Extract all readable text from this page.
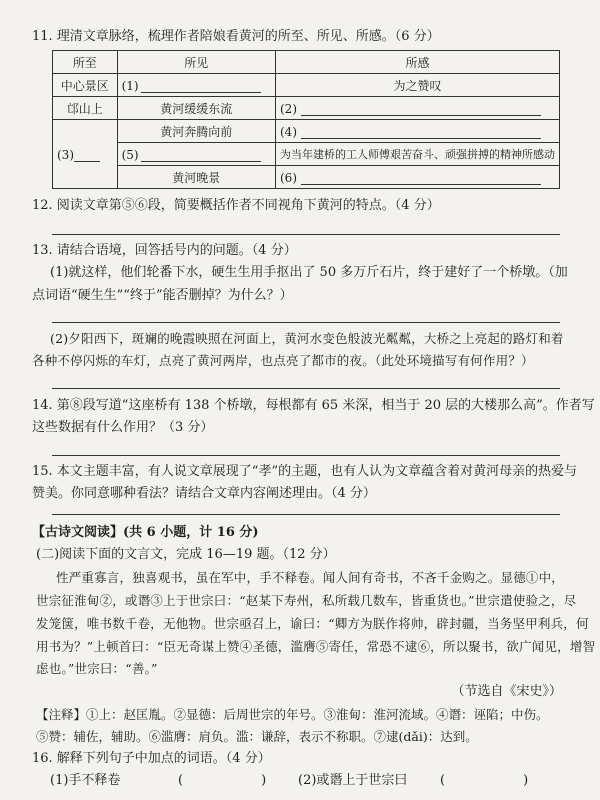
11. 理清文章脉络，梳理作者陪娘看黄河的所至、所见、所感。（6 分）
所至	所见	所感
中心景区	(1)	为之赞叹
邙山上	黄河缓缓东流	(2)
(3)	黄河奔腾向前	(4)
	(5)	为当年建桥的工人师傅艰苦奋斗、顽强拼搏的精神所感动
	黄河晚景	(6)
12. 阅读文章第⑤⑥段，简要概括作者不同视角下黄河的特点。（4 分）
13. 请结合语境，回答括号内的问题。（4 分）
(1)就这样，他们轮番下水，硬生生用手抠出了 50 多万斤石片，终于建好了一个桥墩。（加
点词语“硬生生”“终于”能否删掉？为什么？）
(2)夕阳西下，斑斓的晚霞映照在河面上，黄河水变色般波光粼粼，大桥之上亮起的路灯和着
各种不停闪烁的车灯，点亮了黄河两岸，也点亮了都市的夜。（此处环境描写有何作用？）
14. 第⑧段写道“这座桥有 138 个桥墩，每根都有 65 米深，相当于 20 层的大楼那么高”。作者写
这些数据有什么作用？（3 分）
15. 本文主题丰富，有人说文章展现了“孝”的主题，也有人认为文章蕴含着对黄河母亲的热爱与
赞美。你同意哪种看法？请结合文章内容阐述理由。（4 分）
【古诗文阅读】(共 6 小题，计 16 分)
(二)阅读下面的文言文，完成 16—19 题。（12 分）
性严重寡言，独喜观书，虽在军中，手不释卷。闻人间有奇书，不吝千金购之。显德①中，
世宗征淮甸②，或谮③上于世宗曰：“赵某下寿州，私所载几数车，皆重货也。”世宗遣使验之，尽
发笼箧，唯书数千卷，无他物。世宗亟召上，谕曰：“卿方为朕作将帅，辟封疆，当务坚甲利兵，何
用书为？”上顿首曰：“臣无奇谋上赞④圣德，滥膺⑤寄任，常恐不逮⑥，所以聚书，欲广闻见，增智
虑也。”世宗曰：“善。”
（节选自《宋史》）
【注释】①上：赵匡胤。②显德：后周世宗的年号。③淮甸：淮河流域。④谮：诬陷；中伤。
⑤赞：辅佐，辅助。⑥滥膺：肩负。滥：谦辞，表示不称职。⑦逮(dǎi)：达到。
16. 解释下列句子中加点的词语。（4 分）
(1)手不释卷	(　　　　　　) (2)或谮上于世宗曰	(　　　　　　)
